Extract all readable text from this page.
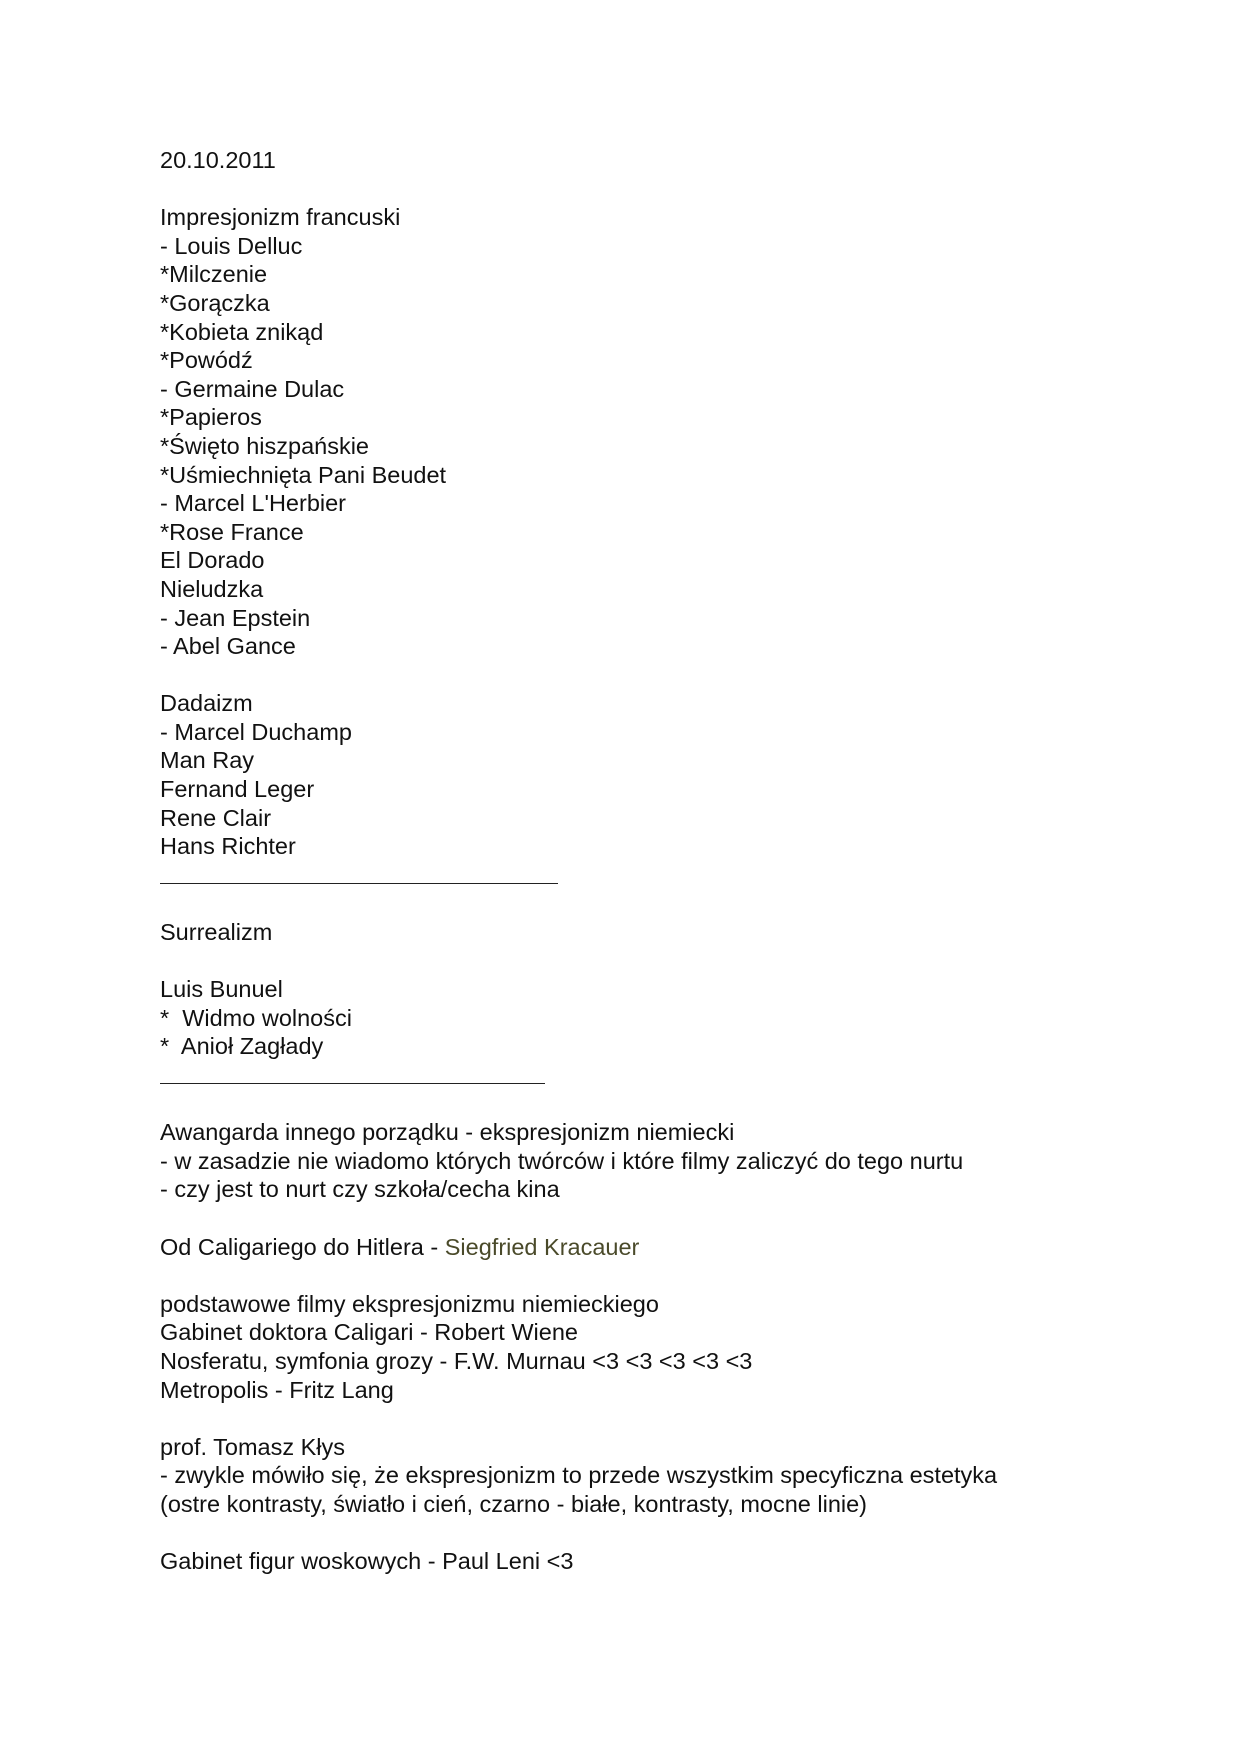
20.10.2011
Impresjonizm francuski
- Louis Delluc
*Milczenie
*Gorączka
*Kobieta znikąd
*Powódź
- Germaine Dulac
*Papieros
*Święto hiszpańskie
*Uśmiechnięta Pani Beudet
- Marcel L'Herbier
*Rose France
El Dorado
Nieludzka
- Jean Epstein
- Abel Gance
Dadaizm
- Marcel Duchamp
Man Ray
Fernand Leger
Rene Clair
Hans Richter
Surrealizm
Luis Bunuel
*  Widmo wolności
*  Anioł Zagłady
Awangarda innego porządku - ekspresjonizm niemiecki
- w zasadzie nie wiadomo których twórców i które filmy zaliczyć do tego nurtu
- czy jest to nurt czy szkoła/cecha kina
Od Caligariego do Hitlera - Siegfried Kracauer
podstawowe filmy ekspresjonizmu niemieckiego
Gabinet doktora Caligari - Robert Wiene
Nosferatu, symfonia grozy - F.W. Murnau <3 <3 <3 <3 <3
Metropolis - Fritz Lang
prof. Tomasz Kłys
- zwykle mówiło się, że ekspresjonizm to przede wszystkim specyficzna estetyka
(ostre kontrasty, światło i cień, czarno - białe, kontrasty, mocne linie)
Gabinet figur woskowych - Paul Leni <3
